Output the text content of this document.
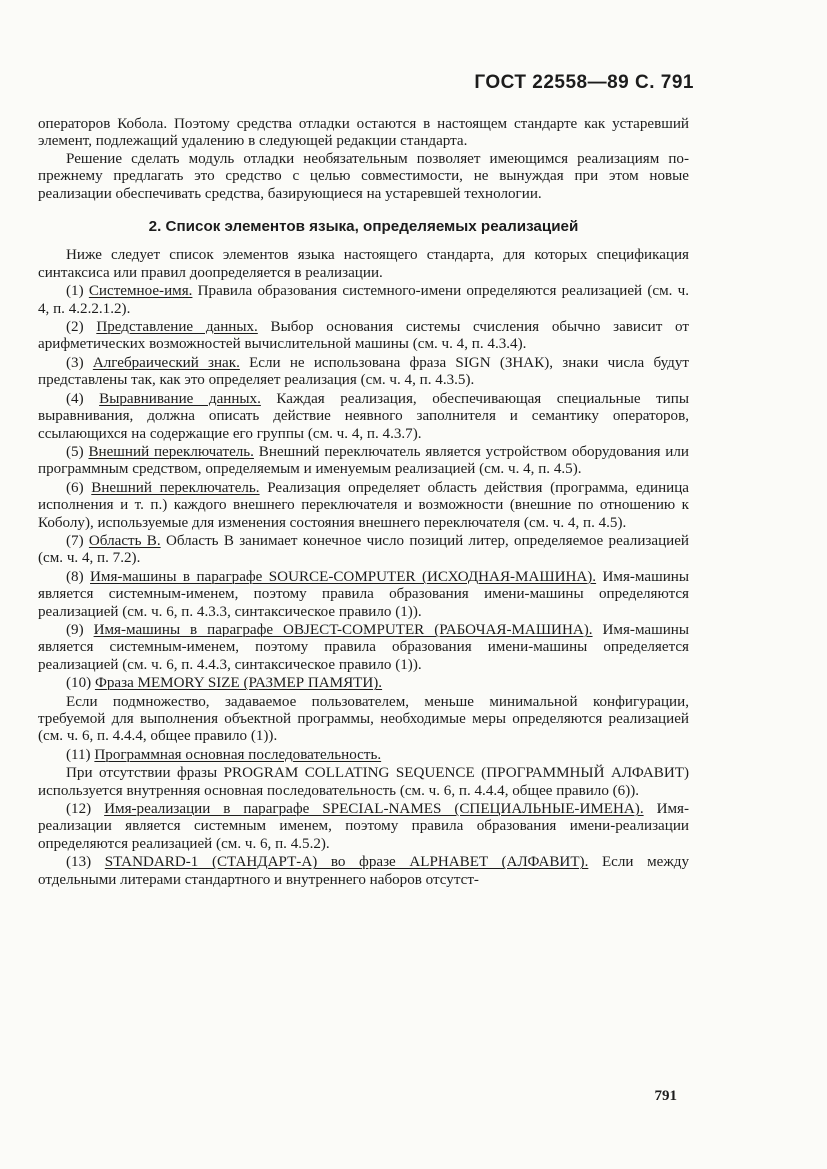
ГОСТ 22558—89 С. 791

операторов Кобола. Поэтому средства отладки остаются в настоящем стандарте как устаревший элемент, подлежащий удалению в следующей редакции стандарта.

Решение сделать модуль отладки необязательным позволяет имеющимся реализациям по-прежнему предлагать это средство с целью совместимости, не вынуждая при этом новые реализации обеспечивать средства, базирующиеся на устаревшей технологии.

2. Список элементов языка, определяемых реализацией

Ниже следует список элементов языка настоящего стандарта, для которых спецификация синтаксиса или правил доопределяется в реализации.

(1) Системное-имя. Правила образования системного-имени определяются реализацией (см. ч. 4, п. 4.2.2.1.2).

(2) Представление данных. Выбор основания системы счисления обычно зависит от арифметических возможностей вычислительной машины (см. ч. 4, п. 4.3.4).

(3) Алгебраический знак. Если не использована фраза SIGN (ЗНАК), знаки числа будут представлены так, как это определяет реализация (см. ч. 4, п. 4.3.5).

(4) Выравнивание данных. Каждая реализация, обеспечивающая специальные типы выравнивания, должна описать действие неявного заполнителя и семантику операторов, ссылающихся на содержащие его группы (см. ч. 4, п. 4.3.7).

(5) Внешний переключатель. Внешний переключатель является устройством оборудования или программным средством, определяемым и именуемым реализацией (см. ч. 4, п. 4.5).

(6) Внешний переключатель. Реализация определяет область действия (программа, единица исполнения и т. п.) каждого внешнего переключателя и возможности (внешние по отношению к Коболу), используемые для изменения состояния внешнего переключателя (см. ч. 4, п. 4.5).

(7) Область В. Область В занимает конечное число позиций литер, определяемое реализацией (см. ч. 4, п. 7.2).

(8) Имя-машины в параграфе SOURCE-COMPUTER (ИСХОДНАЯ-МАШИНА). Имя-машины является системным-именем, поэтому правила образования имени-машины определяются реализацией (см. ч. 6, п. 4.3.3, синтаксическое правило (1)).

(9) Имя-машины в параграфе OBJECT-COMPUTER (РАБОЧАЯ-МАШИНА). Имя-машины является системным-именем, поэтому правила образования имени-машины определяется реализацией (см. ч. 6, п. 4.4.3, синтаксическое правило (1)).

(10) Фраза MEMORY SIZE (РАЗМЕР ПАМЯТИ).

Если подмножество, задаваемое пользователем, меньше минимальной конфигурации, требуемой для выполнения объектной программы, необходимые меры определяются реализацией (см. ч. 6, п. 4.4.4, общее правило (1)).

(11) Программная основная последовательность.

При отсутствии фразы PROGRAM COLLATING SEQUENCE (ПРОГРАММНЫЙ АЛФАВИТ) используется внутренняя основная последовательность (см. ч. 6, п. 4.4.4, общее правило (6)).

(12) Имя-реализации в параграфе SPECIAL-NAMES (СПЕЦИАЛЬНЫЕ-ИМЕНА). Имя-реализации является системным именем, поэтому правила образования имени-реализации определяются реализацией (см. ч. 6, п. 4.5.2).

(13) STANDARD-1 (СТАНДАРТ-А) во фразе ALPHABET (АЛФАВИТ). Если между отдельными литерами стандартного и внутреннего наборов отсутст-

791
